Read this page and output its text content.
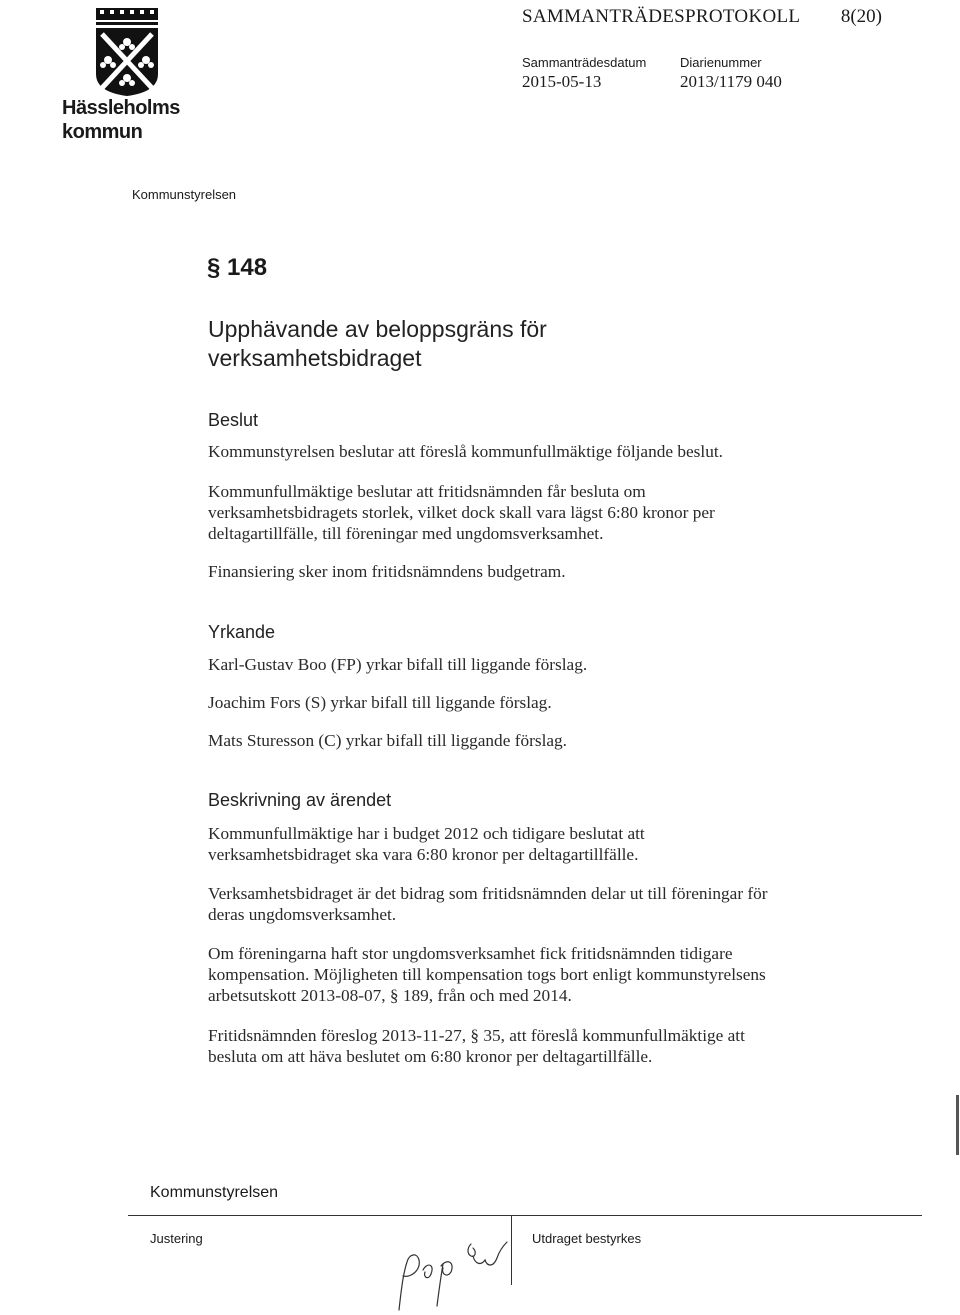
Hässleholms
kommun
SAMMANTRÄDESPROTOKOLL 8(20)
Sammanträdesdatum
2015-05-13
Diarienummer
2013/1179 040
Kommunstyrelsen
§ 148
Upphävande av beloppsgräns för
verksamhetsbidraget
Beslut
Kommunstyrelsen beslutar att föreslå kommunfullmäktige följande beslut.
Kommunfullmäktige beslutar att fritidsnämnden får besluta om
verksamhetsbidragets storlek, vilket dock skall vara lägst 6:80 kronor per
deltagartillfälle, till föreningar med ungdomsverksamhet.
Finansiering sker inom fritidsnämndens budgetram.
Yrkande
Karl-Gustav Boo (FP) yrkar bifall till liggande förslag.
Joachim Fors (S) yrkar bifall till liggande förslag.
Mats Sturesson (C) yrkar bifall till liggande förslag.
Beskrivning av ärendet
Kommunfullmäktige har i budget 2012 och tidigare beslutat att
verksamhetsbidraget ska vara 6:80 kronor per deltagartillfälle.
Verksamhetsbidraget är det bidrag som fritidsnämnden delar ut till föreningar för
deras ungdomsverksamhet.
Om föreningarna haft stor ungdomsverksamhet fick fritidsnämnden tidigare
kompensation. Möjligheten till kompensation togs bort enligt kommunstyrelsens
arbetsutskott 2013-08-07, § 189, från och med 2014.
Fritidsnämnden föreslog 2013-11-27, § 35, att föreslå kommunfullmäktige att
besluta om att häva beslutet om 6:80 kronor per deltagartillfälle.
Kommunstyrelsen
Justering	Utdraget bestyrkes
